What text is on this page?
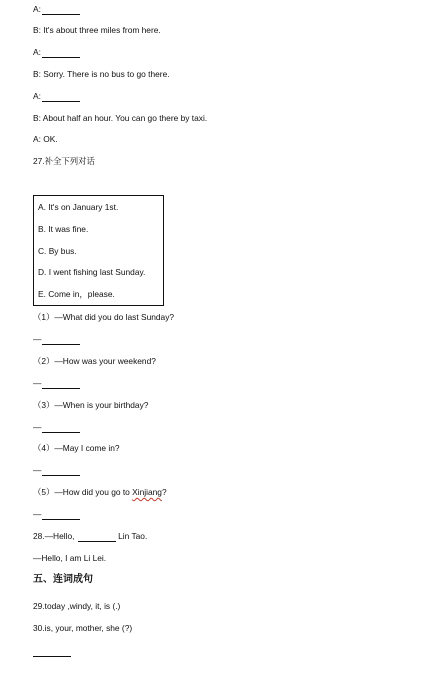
A:
B: It's about three miles from here.
A:
B: Sorry. There is no bus to go there.
A:
B: About half an hour. You can go there by taxi.
A: OK.
27.补全下列对话
A. It's on January 1st.
B. It was fine.
C. By bus.
D. I went fishing last Sunday.
E. Come in，please.
（1）—What did you do last Sunday?
—
（2）—How was your weekend?
—
（3）—When is your birthday?
—
（4）—May I come in?
—
（5）—How did you go to Xinjiang?
—
28.—Hello,	Lin Tao.
—Hello, I am Li Lei.
五、连词成句
29.today ,windy, it, is (.)
30.is, your, mother, she (?)
